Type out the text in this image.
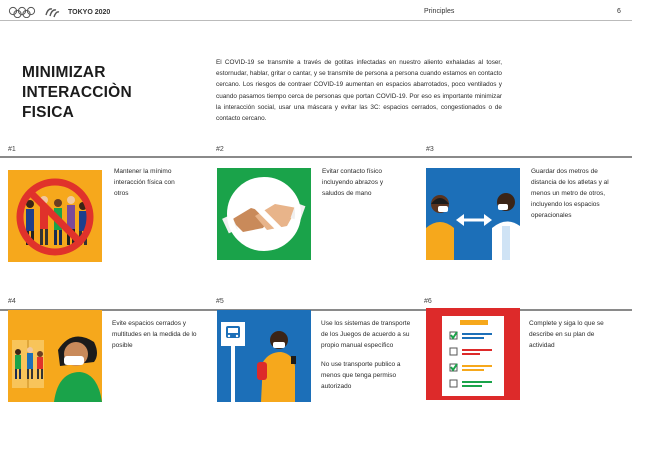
TOKYO 2020	Principles	6
MINIMIZAR
INTERACCIÒN
FISICA
El COVID-19 se transmite a través de gotitas infectadas en nuestro aliento exhaladas al toser, estornudar, hablar, gritar o cantar, y se transmite de persona a persona cuando estamos en contacto cercano. Los riesgos de contraer COVID-19 aumentan en espacios abarrotados, poco ventilados y cuando pasamos tiempo cerca de personas que portan COVID-19. Por eso es importante minimizar la interacción social, usar una máscara y evitar las 3C: espacios cerrados, congestionados o de contacto cercano.
#1	#2	#3
Mantener la mínimo interacción física con otros
Evitar contacto físico incluyendo abrazos y saludos de mano
Guardar dos metros de distancia de los atletas y al menos un metro de otros, incluyendo los espacios operacionales
#4	#5	#6
Evite espacios cerrados y multitudes en la medida de lo posible

Use los sistemas de transporte de los Juegos de acuerdo a su propio manual específico

No use transporte publico a menos que tenga permiso autorizado

Complete y siga lo que se describe en su plan de actividad
